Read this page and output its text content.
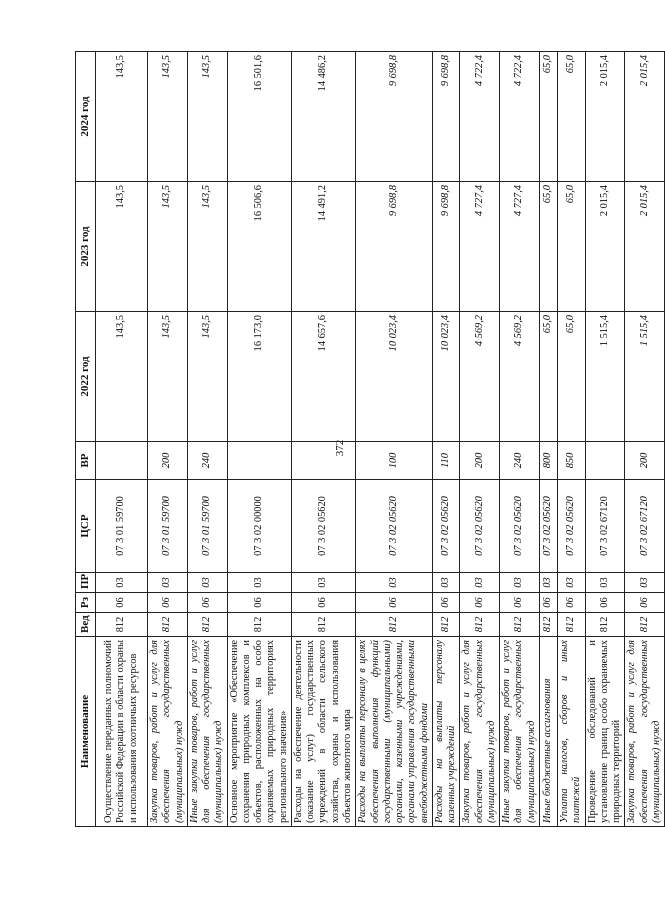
372
Наименование	Вед	Рз	ПР	ЦСР	ВР	2022 год	2023 год	2024 год
Осуществление переданных полномочий Российской Федерации в области охраны и использования охотничьих ресурсов	812	06	03	07 3 01 59700		143,5	143,5	143,5
Закупка товаров, работ и услуг для обеспечения государственных (муниципальных) нужд	812	06	03	07 3 01 59700	200	143,5	143,5	143,5
Иные закупки товаров, работ и услуг для обеспечения государственных (муниципальных) нужд	812	06	03	07 3 01 59700	240	143,5	143,5	143,5
Основное мероприятие «Обеспечение сохранения природных комплексов и объектов, расположенных на особо охраняемых природных территориях регионального значения»	812	06	03	07 3 02 00000		16 173,0	16 506,6	16 501,6
Расходы на обеспечение деятельности (оказание услуг) государственных учреждений в области сельского хозяйства, охраны и использования объектов животного мира	812	06	03	07 3 02 05620		14 657,6	14 491,2	14 486,2
Расходы на выплаты персоналу в целях обеспечения выполнения функций государственными (муниципальными) органами, казенными учреждениями, органами управления государственными внебюджетными фондами	812	06	03	07 3 02 05620	100	10 023,4	9 698,8	9 698,8
Расходы на выплаты персоналу казенных учреждений	812	06	03	07 3 02 05620	110	10 023,4	9 698,8	9 698,8
Закупка товаров, работ и услуг для обеспечения государственных (муниципальных) нужд	812	06	03	07 3 02 05620	200	4 569,2	4 727,4	4 722,4
Иные закупки товаров, работ и услуг для обеспечения государственных (муниципальных) нужд	812	06	03	07 3 02 05620	240	4 569,2	4 727,4	4 722,4
Иные бюджетные ассигнования	812	06	03	07 3 02 05620	800	65,0	65,0	65,0
Уплата налогов, сборов и иных платежей	812	06	03	07 3 02 05620	850	65,0	65,0	65,0
Проведение обследований и установление границ особо охраняемых природных территорий	812	06	03	07 3 02 67120		1 515,4	2 015,4	2 015,4
Закупка товаров, работ и услуг для обеспечения государственных (муниципальных) нужд	812	06	03	07 3 02 67120	200	1 515,4	2 015,4	2 015,4
